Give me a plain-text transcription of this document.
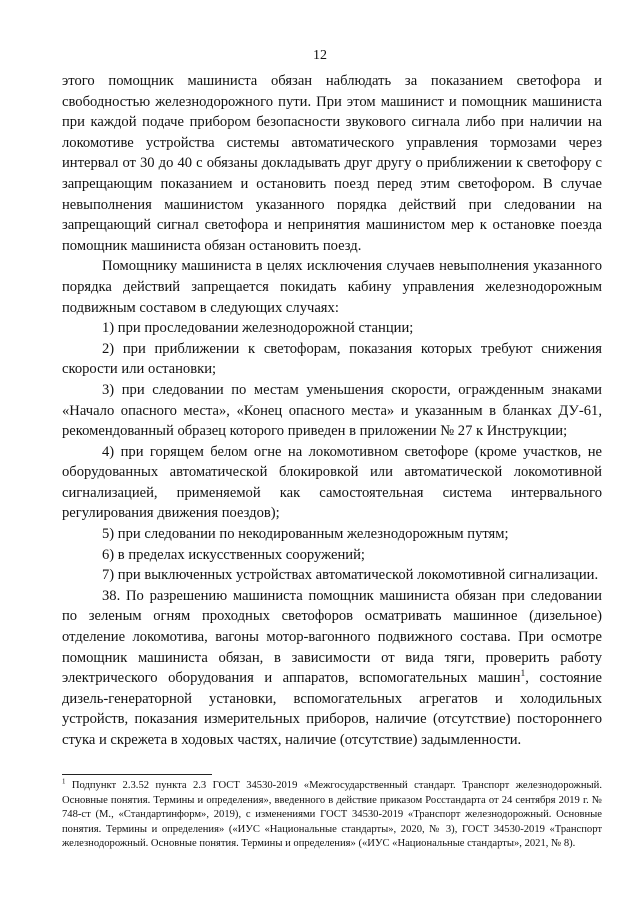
12

этого помощник машиниста обязан наблюдать за показанием светофора и свободностью железнодорожного пути. При этом машинист и помощник машиниста при каждой подаче прибором безопасности звукового сигнала либо при наличии на локомотиве устройства системы автоматического управления тормозами через интервал от 30 до 40 с обязаны докладывать друг другу о приближении к светофору с запрещающим показанием и остановить поезд перед этим светофором. В случае невыполнения машинистом указанного порядка действий при следовании на запрещающий сигнал светофора и непринятия машинистом мер к остановке поезда помощник машиниста обязан остановить поезд.

Помощнику машиниста в целях исключения случаев невыполнения указанного порядка действий запрещается покидать кабину управления железнодорожным подвижным составом в следующих случаях:

1) при проследовании железнодорожной станции;
2) при приближении к светофорам, показания которых требуют снижения скорости или остановки;
3) при следовании по местам уменьшения скорости, огражденным знаками «Начало опасного места», «Конец опасного места» и указанным в бланках ДУ-61, рекомендованный образец которого приведен в приложении № 27 к Инструкции;
4) при горящем белом огне на локомотивном светофоре (кроме участков, не оборудованных автоматической блокировкой или автоматической локомотивной сигнализацией, применяемой как самостоятельная система интервального регулирования движения поездов);
5) при следовании по некодированным железнодорожным путям;
6) в пределах искусственных сооружений;
7) при выключенных устройствах автоматической локомотивной сигнализации.

38. По разрешению машиниста помощник машиниста обязан при следовании по зеленым огням проходных светофоров осматривать машинное (дизельное) отделение локомотива, вагоны мотор-вагонного подвижного состава. При осмотре помощник машиниста обязан, в зависимости от вида тяги, проверить работу электрического оборудования и аппаратов, вспомогательных машин$^1$, состояние дизель-генераторной установки, вспомогательных агрегатов и холодильных устройств, показания измерительных приборов, наличие (отсутствие) постороннего стука и скрежета в ходовых частях, наличие (отсутствие) задымленности.

$^1$ Подпункт 2.3.52 пункта 2.3 ГОСТ 34530-2019 «Межгосударственный стандарт. Транспорт железнодорожный. Основные понятия. Термины и определения», введенного в действие приказом Росстандарта от 24 сентября 2019 г. № 748-ст (М., «Стандартинформ», 2019), с изменениями ГОСТ 34530-2019 «Транспорт железнодорожный. Основные понятия. Термины и определения» («ИУС «Национальные стандарты», 2020, № 3), ГОСТ 34530-2019 «Транспорт железнодорожный. Основные понятия. Термины и определения» («ИУС «Национальные стандарты», 2021, № 8).
